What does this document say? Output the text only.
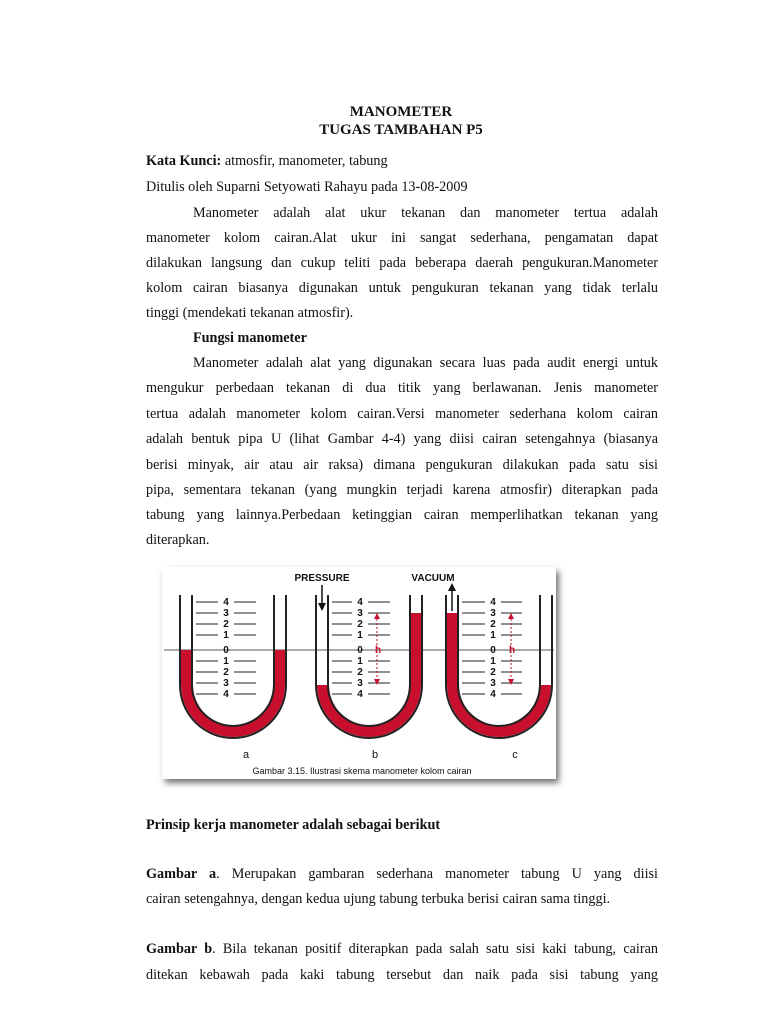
MANOMETER
TUGAS TAMBAHAN P5
Kata Kunci: atmosfir, manometer, tabung
Ditulis oleh Suparni Setyowati Rahayu pada 13-08-2009
Manometer adalah alat ukur tekanan dan manometer tertua adalah
manometer kolom cairan.Alat ukur ini sangat sederhana, pengamatan dapat
dilakukan langsung dan cukup teliti pada beberapa daerah pengukuran.Manometer
kolom cairan biasanya digunakan untuk pengukuran tekanan yang tidak terlalu
tinggi (mendekati tekanan atmosfir).
Fungsi manometer
Manometer adalah alat yang digunakan secara luas pada audit energi untuk
mengukur perbedaan tekanan di dua titik yang berlawanan. Jenis manometer
tertua adalah manometer kolom cairan.Versi manometer sederhana kolom cairan
adalah bentuk pipa U (lihat Gambar 4-4) yang diisi cairan setengahnya (biasanya
berisi minyak, air atau air raksa) dimana pengukuran dilakukan pada satu sisi
pipa, sementara tekanan (yang mungkin terjadi karena atmosfir) diterapkan pada
tabung yang lainnya.Perbedaan ketinggian cairan memperlihatkan tekanan yang
diterapkan.
4
3
2
1
0
1
2
3
4
a
4
3
2
1
0
1
2
3
4
PRESSURE
h
b
4
3
2
1
0
1
2
3
4
VACUUM
h
c
Gambar 3.15. Ilustrasi skema manometer kolom cairan
Prinsip kerja manometer adalah sebagai berikut
Gambar a. Merupakan gambaran sederhana manometer tabung U yang diisi
cairan setengahnya, dengan kedua ujung tabung terbuka berisi cairan sama tinggi.
Gambar b. Bila tekanan positif diterapkan pada salah satu sisi kaki tabung, cairan
ditekan kebawah pada kaki tabung tersebut dan naik pada sisi tabung yang
